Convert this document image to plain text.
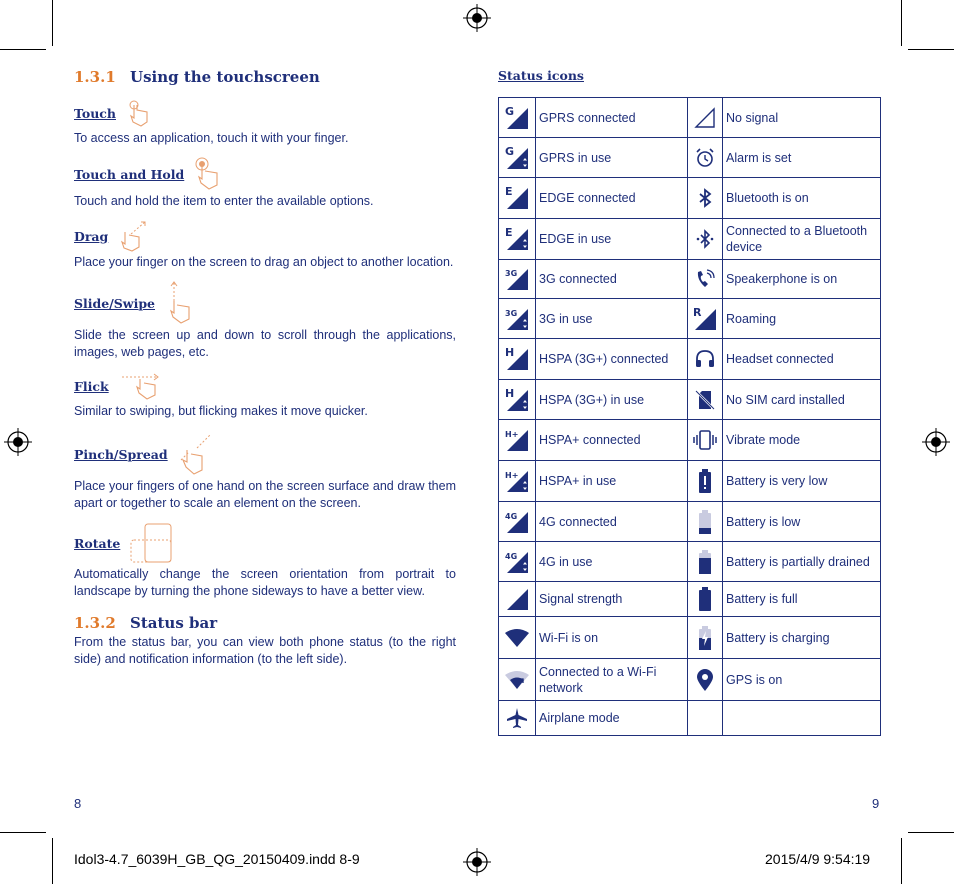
1.3.1 Using the touchscreen
Touch
To access an application, touch it with your finger.
Touch and Hold
Touch and hold the item to enter the available options.
Drag
Place your finger on the screen to drag an object to another location.
Slide/Swipe
Slide the screen up and down to scroll through the applications, images, web pages, etc.
Flick
Similar to swiping, but flicking makes it move quicker.
Pinch/Spread
Place your fingers of one hand on the screen surface and draw them apart or together to scale an element on the screen.
Rotate
Automatically change the screen orientation from portrait to landscape by turning the phone sideways to have a better view.
1.3.2 Status bar
From the status bar, you can view both phone status (to the right side) and notification information (to the left side).
Status icons
G	GPRS connected		No signal

G	GPRS in use		Alarm is set

E	EDGE connected		Bluetooth is on

E	EDGE in use		Connected to a Bluetooth device

3G	3G connected		Speakerphone is on

3G	3G in use	R	Roaming

H	HSPA (3G+) connected		Headset connected

H	HSPA (3G+) in use		No SIM card installed

H+	HSPA+ connected		Vibrate mode

H+	HSPA+ in use		Battery is very low

4G	4G connected		Battery is low

4G	4G in use		Battery is partially drained

	Signal strength		Battery is full

	Wi-Fi is on		Battery is charging

	Connected to a Wi-Fi network		GPS is on

	Airplane mode		
8	9
Idol3-4.7_6039H_GB_QG_20150409.indd 8-9	2015/4/9 9:54:19
